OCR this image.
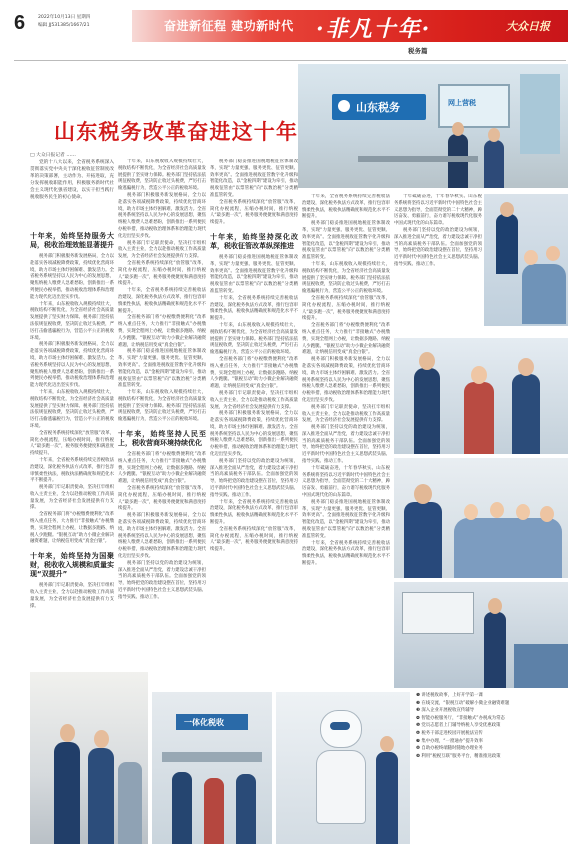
6	2022年10月13日 星期四
编辑 JJ531385/1667/21	奋进新征程 建功新时代 ·非凡十年·	大众日报
税务篇
山东税务改革奋进这十年
山东税务	网上营税
□ 大众日报记者 ……

党的十八大以来，全省税务系统深入贯彻落实党中央关于深化税收征管制度改革的决策部署，主动作为、开拓进取，充分发挥税收职能作用，积极服务新时代社会主义现代化强省建设，以实干担当践行税收服务民生的初心使命。

十年来，始终坚持服务大局，税收治理效能显著提升

税务部门积极服务新发展格局，全力以赴落实各项减税降费政策，持续优化营商环境，助力市场主体纾困解难、激发活力。全省税务系统坚持以人民为中心的发展思想，聚焦纳税人缴费人急难愁盼，创新推出一系列便民办税举措，推动税收治理体系和治理能力现代化迈出坚实步伐。

十年来，山东税收收入规模持续壮大，税收结构不断优化，为全省经济社会高质量发展提供了坚实财力保障。税务部门坚持依法依规征税收费，坚决防止收过头税费，严厉打击偷逃骗税行为，营造公平公正的税收环境。

税务部门积极服务新发展格局，全力以赴落实各项减税降费政策，持续优化营商环境，助力市场主体纾困解难、激发活力。全省税务系统坚持以人民为中心的发展思想，聚焦纳税人缴费人急难愁盼，创新推出一系列便民办税举措，推动税收治理体系和治理能力现代化迈出坚实步伐。

十年来，山东税收收入规模持续壮大，税收结构不断优化，为全省经济社会高质量发展提供了坚实财力保障。税务部门坚持依法依规征税收费，坚决防止收过头税费，严厉打击偷逃骗税行为，营造公平公正的税收环境。

全省税务系统持续深化“放管服”改革，简化办税流程，压缩办税时间，推行纳税人“最多跑一次”，税务服务便捷度和满意度持续提升。

十年来，全省税务系统持续完善税收法治建设，深化税务执法方式改革，推行包容审慎柔性执法，税收执法精确度和规范化水平不断提升。

税务部门牢记职责使命，坚决扛牢组织收入主责主业，全力以赴推动税收工作高质量发展，为全省经济社会发展提供有力支撑。

全省税务部门将“办税缴费便利化”改革纳入重点任务，大力推行“非接触式”办税缴费，实现全程网上办税，让数据多跑路、纳税人少跑腿。“银税互动”助力小微企业解决融资难题，让纳税信用变成“真金白银”。

十年来，始终坚持为国聚财，税收收入规模和质量实现“双提升”

税务部门牢记职责使命，坚决扛牢组织收入主责主业，全力以赴推动税收工作高质量发展，为全省经济社会发展提供有力支撑。

十年来，山东税收收入规模持续壮大，税收结构不断优化，为全省经济社会高质量发展提供了坚实财力保障。税务部门坚持依法依规征税收费，坚决防止收过头税费，严厉打击偷逃骗税行为，营造公平公正的税收环境。

税务部门积极服务新发展格局，全力以赴落实各项减税降费政策，持续优化营商环境，助力市场主体纾困解难、激发活力。全省税务系统坚持以人民为中心的发展思想，聚焦纳税人缴费人急难愁盼，创新推出一系列便民办税举措，推动税收治理体系和治理能力现代化迈出坚实步伐。

税务部门牢记职责使命，坚决扛牢组织收入主责主业，全力以赴推动税收工作高质量发展，为全省经济社会发展提供有力支撑。

全省税务系统持续深化“放管服”改革，简化办税流程，压缩办税时间，推行纳税人“最多跑一次”，税务服务便捷度和满意度持续提升。

十年来，全省税务系统持续完善税收法治建设，深化税务执法方式改革，推行包容审慎柔性执法，税收执法精确度和规范化水平不断提升。

全省税务部门将“办税缴费便利化”改革纳入重点任务，大力推行“非接触式”办税缴费，实现全程网上办税，让数据多跑路、纳税人少跑腿。“银税互动”助力小微企业解决融资难题，让纳税信用变成“真金白银”。

税务部门稳妥推进国税地税征管体制改革，实现“力量更强、服务更优、征管更顺、效率更高”。全面推进税收征管数字化升级和智能化改造，以“金税四期”建设为牵引，推动税收征管由“以票管税”向“以数治税”分类精准监管转变。

十年来，山东税收收入规模持续壮大，税收结构不断优化，为全省经济社会高质量发展提供了坚实财力保障。税务部门坚持依法依规征税收费，坚决防止收过头税费，严厉打击偷逃骗税行为，营造公平公正的税收环境。

十年来，始终坚持人民至上，税收营商环境持续优化

全省税务部门将“办税缴费便利化”改革纳入重点任务，大力推行“非接触式”办税缴费，实现全程网上办税，让数据多跑路、纳税人少跑腿。“银税互动”助力小微企业解决融资难题，让纳税信用变成“真金白银”。

全省税务系统持续深化“放管服”改革，简化办税流程，压缩办税时间，推行纳税人“最多跑一次”，税务服务便捷度和满意度持续提升。

税务部门积极服务新发展格局，全力以赴落实各项减税降费政策，持续优化营商环境，助力市场主体纾困解难、激发活力。全省税务系统坚持以人民为中心的发展思想，聚焦纳税人缴费人急难愁盼，创新推出一系列便民办税举措，推动税收治理体系和治理能力现代化迈出坚实步伐。

税务部门坚持以党的政治建设为统领，深入推进全面从严治党，着力建设忠诚干净担当的高素质税务干部队伍。全面加强党的领导，始终把党的政治建设摆在首位，坚持用习近平新时代中国特色社会主义思想武装头脑、指导实践、推动工作。

税务部门稳妥推进国税地税征管体制改革，实现“力量更强、服务更优、征管更顺、效率更高”。全面推进税收征管数字化升级和智能化改造，以“金税四期”建设为牵引，推动税收征管由“以票管税”向“以数治税”分类精准监管转变。

全省税务系统持续深化“放管服”改革，简化办税流程，压缩办税时间，推行纳税人“最多跑一次”，税务服务便捷度和满意度持续提升。

十年来，始终坚持深化改革，税收征管改革纵深推进

税务部门稳妥推进国税地税征管体制改革，实现“力量更强、服务更优、征管更顺、效率更高”。全面推进税收征管数字化升级和智能化改造，以“金税四期”建设为牵引，推动税收征管由“以票管税”向“以数治税”分类精准监管转变。

十年来，全省税务系统持续完善税收法治建设，深化税务执法方式改革，推行包容审慎柔性执法，税收执法精确度和规范化水平不断提升。

十年来，山东税收收入规模持续壮大，税收结构不断优化，为全省经济社会高质量发展提供了坚实财力保障。税务部门坚持依法依规征税收费，坚决防止收过头税费，严厉打击偷逃骗税行为，营造公平公正的税收环境。

全省税务部门将“办税缴费便利化”改革纳入重点任务，大力推行“非接触式”办税缴费，实现全程网上办税，让数据多跑路、纳税人少跑腿。“银税互动”助力小微企业解决融资难题，让纳税信用变成“真金白银”。

税务部门牢记职责使命，坚决扛牢组织收入主责主业，全力以赴推动税收工作高质量发展，为全省经济社会发展提供有力支撑。

税务部门积极服务新发展格局，全力以赴落实各项减税降费政策，持续优化营商环境，助力市场主体纾困解难、激发活力。全省税务系统坚持以人民为中心的发展思想，聚焦纳税人缴费人急难愁盼，创新推出一系列便民办税举措，推动税收治理体系和治理能力现代化迈出坚实步伐。

税务部门坚持以党的政治建设为统领，深入推进全面从严治党，着力建设忠诚干净担当的高素质税务干部队伍。全面加强党的领导，始终把党的政治建设摆在首位，坚持用习近平新时代中国特色社会主义思想武装头脑、指导实践、推动工作。

十年来，全省税务系统持续完善税收法治建设，深化税务执法方式改革，推行包容审慎柔性执法，税收执法精确度和规范化水平不断提升。

全省税务系统持续深化“放管服”改革，简化办税流程，压缩办税时间，推行纳税人“最多跑一次”，税务服务便捷度和满意度持续提升。

十年来，全省税务系统持续完善税收法治建设，深化税务执法方式改革，推行包容审慎柔性执法，税收执法精确度和规范化水平不断提升。

税务部门稳妥推进国税地税征管体制改革，实现“力量更强、服务更优、征管更顺、效率更高”。全面推进税收征管数字化升级和智能化改造，以“金税四期”建设为牵引，推动税收征管由“以票管税”向“以数治税”分类精准监管转变。

十年来，山东税收收入规模持续壮大，税收结构不断优化，为全省经济社会高质量发展提供了坚实财力保障。税务部门坚持依法依规征税收费，坚决防止收过头税费，严厉打击偷逃骗税行为，营造公平公正的税收环境。

全省税务系统持续深化“放管服”改革，简化办税流程，压缩办税时间，推行纳税人“最多跑一次”，税务服务便捷度和满意度持续提升。

全省税务部门将“办税缴费便利化”改革纳入重点任务，大力推行“非接触式”办税缴费，实现全程网上办税，让数据多跑路、纳税人少跑腿。“银税互动”助力小微企业解决融资难题，让纳税信用变成“真金白银”。

税务部门积极服务新发展格局，全力以赴落实各项减税降费政策，持续优化营商环境，助力市场主体纾困解难、激发活力。全省税务系统坚持以人民为中心的发展思想，聚焦纳税人缴费人急难愁盼，创新推出一系列便民办税举措，推动税收治理体系和治理能力现代化迈出坚实步伐。

税务部门牢记职责使命，坚决扛牢组织收入主责主业，全力以赴推动税收工作高质量发展，为全省经济社会发展提供有力支撑。

税务部门坚持以党的政治建设为统领，深入推进全面从严治党，着力建设忠诚干净担当的高素质税务干部队伍。全面加强党的领导，始终把党的政治建设摆在首位，坚持用习近平新时代中国特色社会主义思想武装头脑、指导实践、推动工作。

十年砥砺奋进，十年春华秋实。山东税务系统将坚持以习近平新时代中国特色社会主义思想为指导，全面贯彻党的二十大精神，踔厉奋发、勇毅前行，奋力谱写税收现代化服务中国式现代化的山东篇章。

税务部门稳妥推进国税地税征管体制改革，实现“力量更强、服务更优、征管更顺、效率更高”。全面推进税收征管数字化升级和智能化改造，以“金税四期”建设为牵引，推动税收征管由“以票管税”向“以数治税”分类精准监管转变。

十年来，全省税务系统持续完善税收法治建设，深化税务执法方式改革，推行包容审慎柔性执法，税收执法精确度和规范化水平不断提升。

十年砥砺奋进，十年春华秋实。山东税务系统将坚持以习近平新时代中国特色社会主义思想为指导，全面贯彻党的二十大精神，踔厉奋发、勇毅前行，奋力谱写税收现代化服务中国式现代化的山东篇章。

税务部门坚持以党的政治建设为统领，深入推进全面从严治党，着力建设忠诚干净担当的高素质税务干部队伍。全面加强党的领导，始终把党的政治建设摆在首位，坚持用习近平新时代中国特色社会主义思想武装头脑、指导实践、推动工作。

一体化税收
❶ 讲述税收故事，上好开学第一课
❷ 在线交流，“银税互动”破解小微企业融资难题
❸ 深入企业开展税收宣传辅导
❹ 智能办税服务厅，“非接触式”办税成为常态
❺ 党员志愿者上门辅导纳税人享受优惠政策
❻ 税务干部走进校园开展税法宣传
❼ 集中办理，“一窗通办”提升效率
❽ 自助办税终端随时随地办理业务
❾ 利用“税税互联”服务平台，精准推送政策
